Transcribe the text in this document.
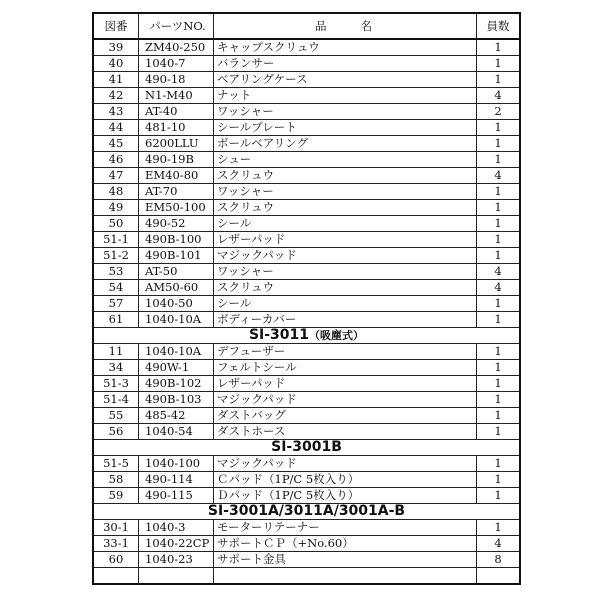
図番	パーツNO.	品名	員数
39	ZM40-250	キャップスクリュウ	1
40	1040-7	バランサー	1
41	490-18	ベアリングケース	1
42	N1-M40	ナット	4
43	AT-40	ワッシャー	2
44	481-10	シールプレート	1
45	6200LLU	ボールベアリング	1
46	490-19B	シュー	1
47	EM40-80	スクリュウ	4
48	AT-70	ワッシャー	1
49	EM50-100	スクリュウ	1
50	490-52	シール	1
51-1	490B-100	レザーパッド	1
51-2	490B-101	マジックパッド	1
53	AT-50	ワッシャー	4
54	AM50-60	スクリュウ	4
57	1040-50	シール	1
61	1040-10A	ボディーカバー	1
SI-3011（吸塵式）			
11	1040-10A	デフューザー	1
34	490W-1	フェルトシール	1
51-3	490B-102	レザーパッド	1
51-4	490B-103	マジックパッド	1
55	485-42	ダストバッグ	1
56	1040-54	ダストホース	1
SI-3001B			
51-5	1040-100	マジックパッド	1
58	490-114	Ｃパッド（1P/C 5枚入り）	1
59	490-115	Ｄパッド（1P/C 5枚入り）	1
SI-3001A/3011A/3001A-B			
30-1	1040-3	モーターリテーナー	1
33-1	1040-22CP	サポートＣＰ（+No.60）	4
60	1040-23	サポート金具	8
